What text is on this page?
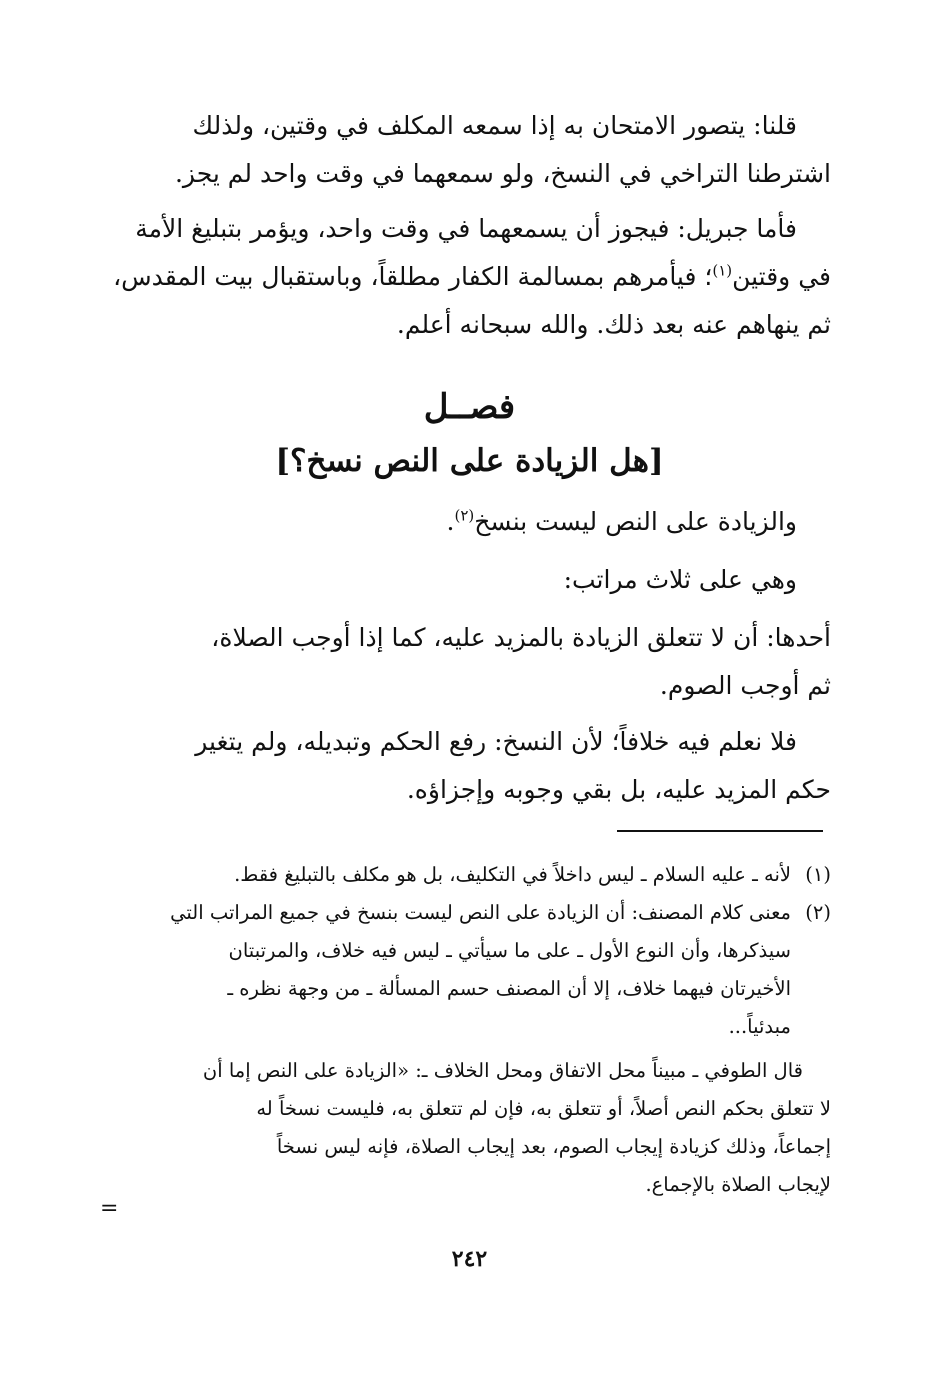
قلنا: يتصور الامتحان به إذا سمعه المكلف في وقتين، ولذلك
اشترطنا التراخي في النسخ، ولو سمعهما في وقت واحد لم يجز.

فأما جبريل: فيجوز أن يسمعهما في وقت واحد، ويؤمر بتبليغ الأمة
في وقتين$^{(١)}$؛ فيأمرهم بمسالمة الكفار مطلقاً، وباستقبال بيت المقدس،
ثم ينهاهم عنه بعد ذلك. والله سبحانه أعلم.

فصــل
[هل الزيادة على النص نسخ؟]

والزيادة على النص ليست بنسخ$^{(٢)}$.

وهي على ثلاث مراتب:

أحدها: أن لا تتعلق الزيادة بالمزيد عليه، كما إذا أوجب الصلاة،
ثم أوجب الصوم.

فلا نعلم فيه خلافاً؛ لأن النسخ: رفع الحكم وتبديله، ولم يتغير
حكم المزيد عليه، بل بقي وجوبه وإجزاؤه.

(١)لأنه ـ عليه السلام ـ ليس داخلاً في التكليف، بل هو مكلف بالتبليغ فقط.
(٢)
معنى كلام المصنف: أن الزيادة على النص ليست بنسخ في جميع المراتب التي
سيذكرها، وأن النوع الأول ـ على ما سيأتي ـ ليس فيه خلاف، والمرتبتان
الأخيرتان فيهما خلاف، إلا أن المصنف حسم المسألة ـ من وجهة نظره ـ
مبدئياً...
قال الطوفي ـ مبيناً محل الاتفاق ومحل الخلاف ـ: «الزيادة على النص إما أن
لا تتعلق بحكم النص أصلاً، أو تتعلق به، فإن لم تتعلق به، فليست نسخاً له
إجماعاً، وذلك كزيادة إيجاب الصوم، بعد إيجاب الصلاة، فإنه ليس نسخاً
لإيجاب الصلاة بالإجماع.
=
٢٤٢
